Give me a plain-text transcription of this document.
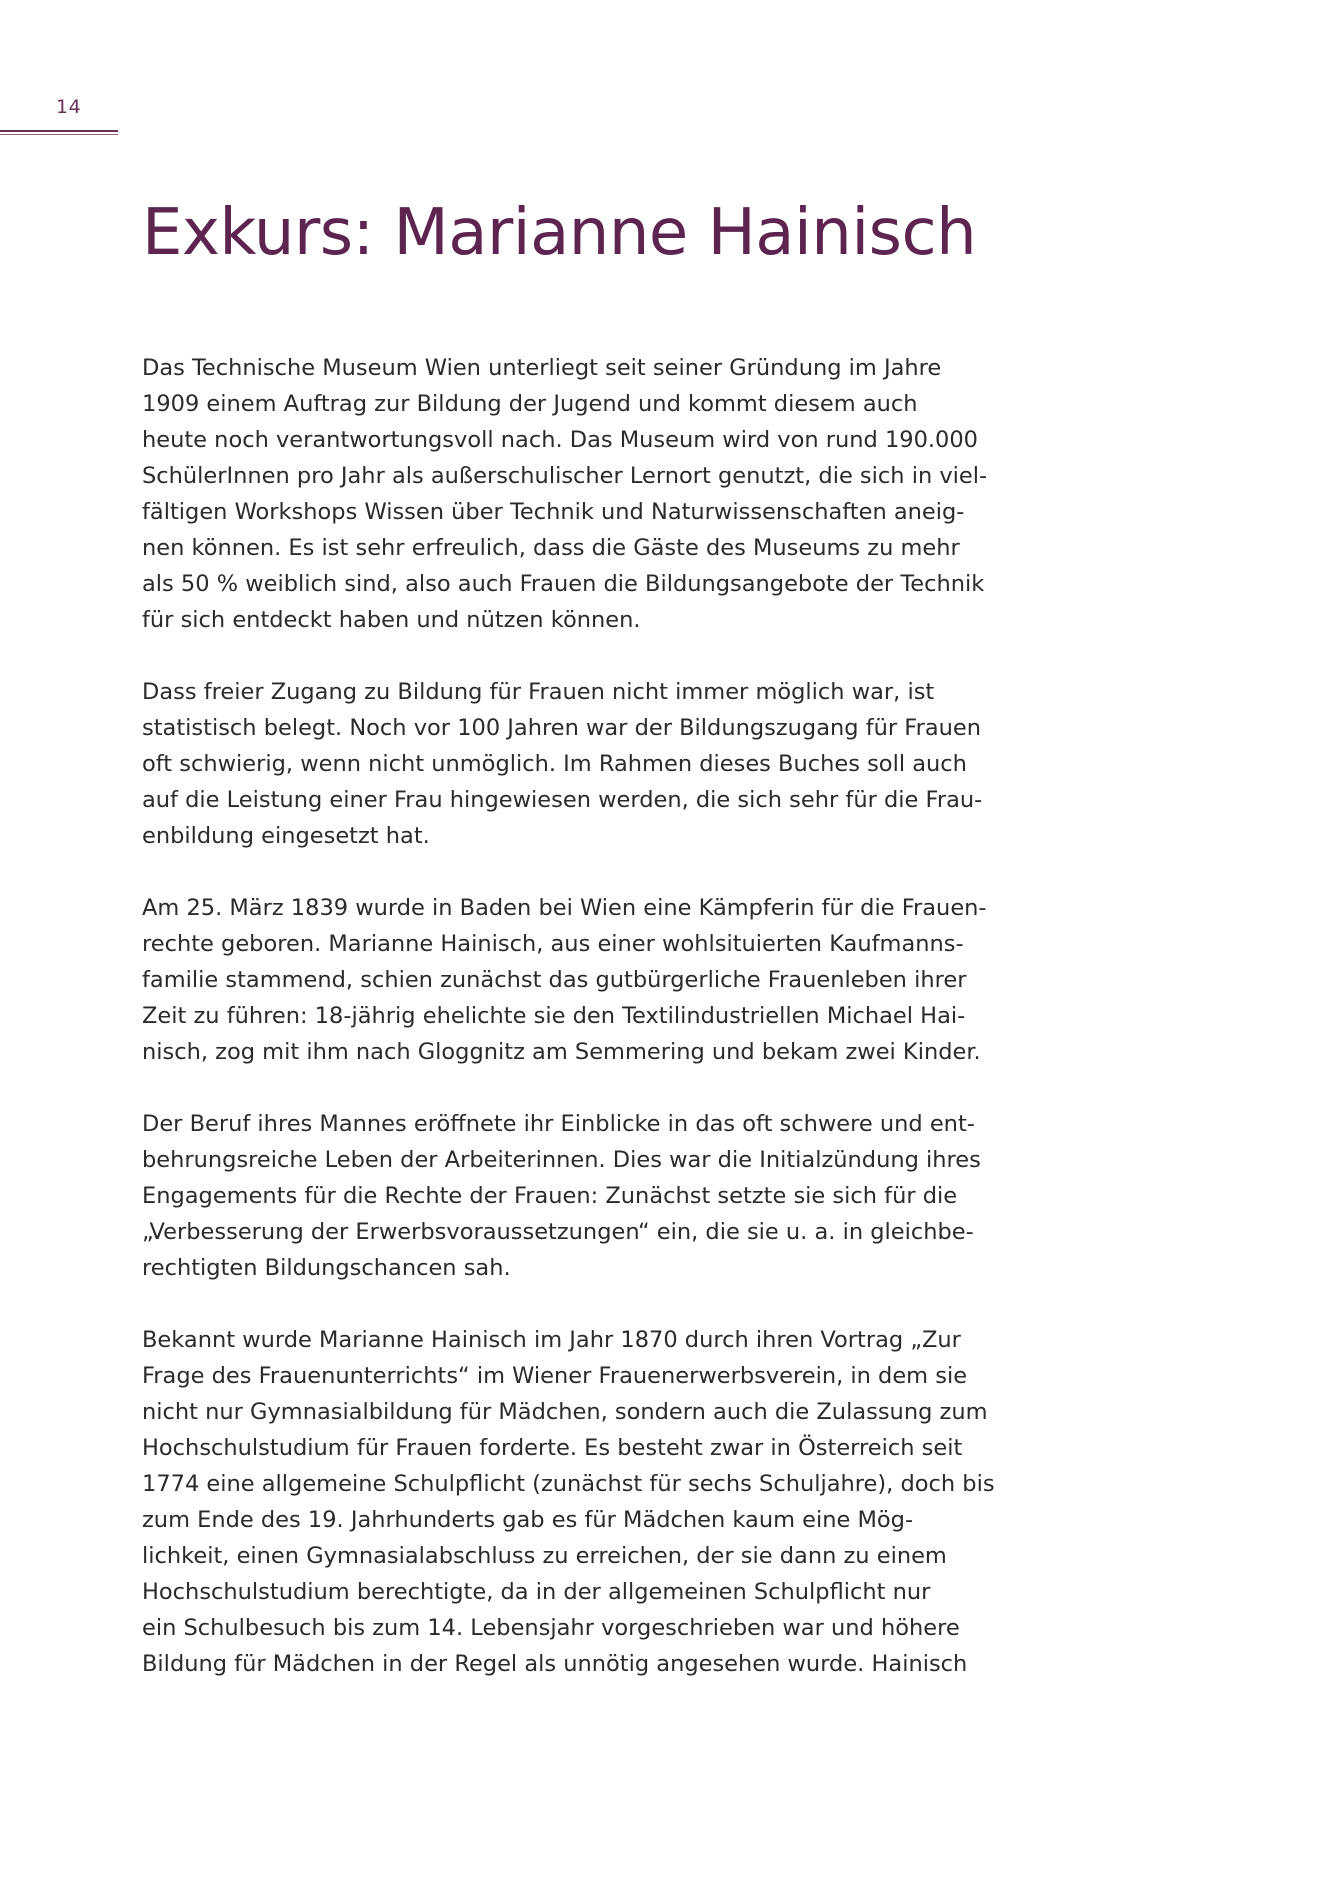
14
Exkurs: Marianne Hainisch

Das Technische Museum Wien unterliegt seit seiner Gründung im Jahre
1909 einem Auftrag zur Bildung der Jugend und kommt diesem auch
heute noch verantwortungsvoll nach. Das Museum wird von rund 190.000
SchülerInnen pro Jahr als außerschulischer Lernort genutzt, die sich in viel-
fältigen Workshops Wissen über Technik und Naturwissenschaften aneig-
nen können. Es ist sehr erfreulich, dass die Gäste des Museums zu mehr
als 50 % weiblich sind, also auch Frauen die Bildungsangebote der Technik
für sich entdeckt haben und nützen können.

Dass freier Zugang zu Bildung für Frauen nicht immer möglich war, ist
statistisch belegt. Noch vor 100 Jahren war der Bildungszugang für Frauen
oft schwierig, wenn nicht unmöglich. Im Rahmen dieses Buches soll auch
auf die Leistung einer Frau hingewiesen werden, die sich sehr für die Frau-
enbildung eingesetzt hat.

Am 25. März 1839 wurde in Baden bei Wien eine Kämpferin für die Frauen-
rechte geboren. Marianne Hainisch, aus einer wohlsituierten Kaufmanns-
familie stammend, schien zunächst das gutbürgerliche Frauenleben ihrer
Zeit zu führen: 18-jährig ehelichte sie den Textilindustriellen Michael Hai-
nisch, zog mit ihm nach Gloggnitz am Semmering und bekam zwei Kinder.

Der Beruf ihres Mannes eröffnete ihr Einblicke in das oft schwere und ent-
behrungsreiche Leben der Arbeiterinnen. Dies war die Initialzündung ihres
Engagements für die Rechte der Frauen: Zunächst setzte sie sich für die
„Verbesserung der Erwerbsvoraussetzungen“ ein, die sie u. a. in gleichbe-
rechtigten Bildungschancen sah.

Bekannt wurde Marianne Hainisch im Jahr 1870 durch ihren Vortrag „Zur
Frage des Frauenunterrichts“ im Wiener Frauenerwerbsverein, in dem sie
nicht nur Gymnasialbildung für Mädchen, sondern auch die Zulassung zum
Hochschulstudium für Frauen forderte. Es besteht zwar in Österreich seit
1774 eine allgemeine Schulpflicht (zunächst für sechs Schuljahre), doch bis
zum Ende des 19. Jahrhunderts gab es für Mädchen kaum eine Mög-
lichkeit, einen Gymnasialabschluss zu erreichen, der sie dann zu einem
Hochschulstudium berechtigte, da in der allgemeinen Schulpflicht nur
ein Schulbesuch bis zum 14. Lebensjahr vorgeschrieben war und höhere
Bildung für Mädchen in der Regel als unnötig angesehen wurde. Hainisch
